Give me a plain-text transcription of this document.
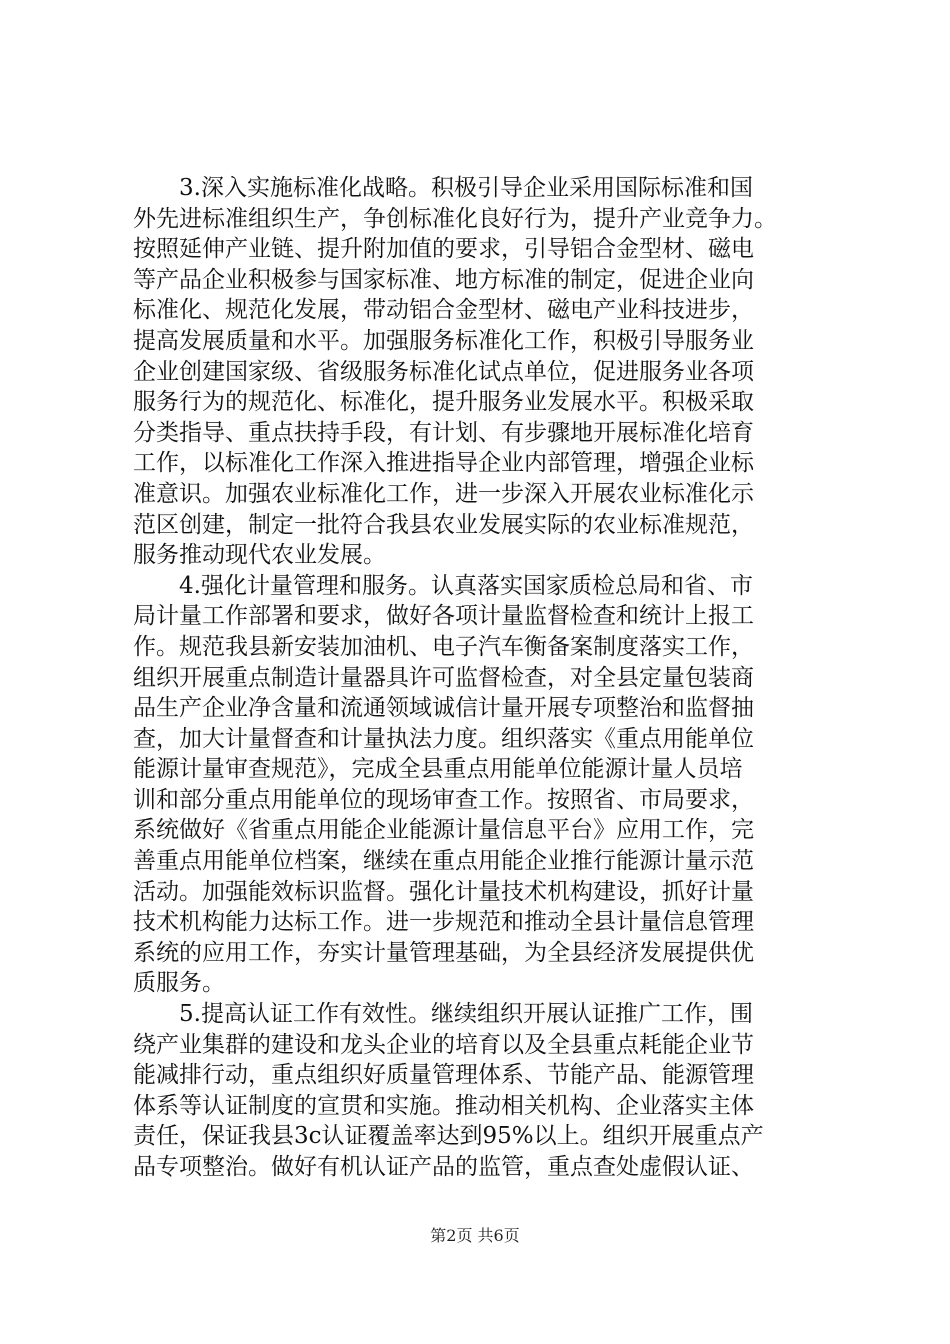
3.深入实施标准化战略。积极引导企业采用国际标准和国
外先进标准组织生产，争创标准化良好行为，提升产业竞争力。
按照延伸产业链、提升附加值的要求，引导铝合金型材、磁电
等产品企业积极参与国家标准、地方标准的制定，促进企业向
标准化、规范化发展，带动铝合金型材、磁电产业科技进步，
提高发展质量和水平。加强服务标准化工作，积极引导服务业
企业创建国家级、省级服务标准化试点单位，促进服务业各项
服务行为的规范化、标准化，提升服务业发展水平。积极采取
分类指导、重点扶持手段，有计划、有步骤地开展标准化培育
工作，以标准化工作深入推进指导企业内部管理，增强企业标
准意识。加强农业标准化工作，进一步深入开展农业标准化示
范区创建，制定一批符合我县农业发展实际的农业标准规范，
服务推动现代农业发展。
4.强化计量管理和服务。认真落实国家质检总局和省、市
局计量工作部署和要求，做好各项计量监督检查和统计上报工
作。规范我县新安装加油机、电子汽车衡备案制度落实工作，
组织开展重点制造计量器具许可监督检查，对全县定量包装商
品生产企业净含量和流通领域诚信计量开展专项整治和监督抽
查，加大计量督查和计量执法力度。组织落实《重点用能单位
能源计量审查规范》，完成全县重点用能单位能源计量人员培
训和部分重点用能单位的现场审查工作。按照省、市局要求，
系统做好《省重点用能企业能源计量信息平台》应用工作，完
善重点用能单位档案，继续在重点用能企业推行能源计量示范
活动。加强能效标识监督。强化计量技术机构建设，抓好计量
技术机构能力达标工作。进一步规范和推动全县计量信息管理
系统的应用工作，夯实计量管理基础，为全县经济发展提供优
质服务。
5.提高认证工作有效性。继续组织开展认证推广工作，围
绕产业集群的建设和龙头企业的培育以及全县重点耗能企业节
能减排行动，重点组织好质量管理体系、节能产品、能源管理
体系等认证制度的宣贯和实施。推动相关机构、企业落实主体
责任，保证我县3c认证覆盖率达到95%以上。组织开展重点产
品专项整治。做好有机认证产品的监管，重点查处虚假认证、
第2页 共6页
